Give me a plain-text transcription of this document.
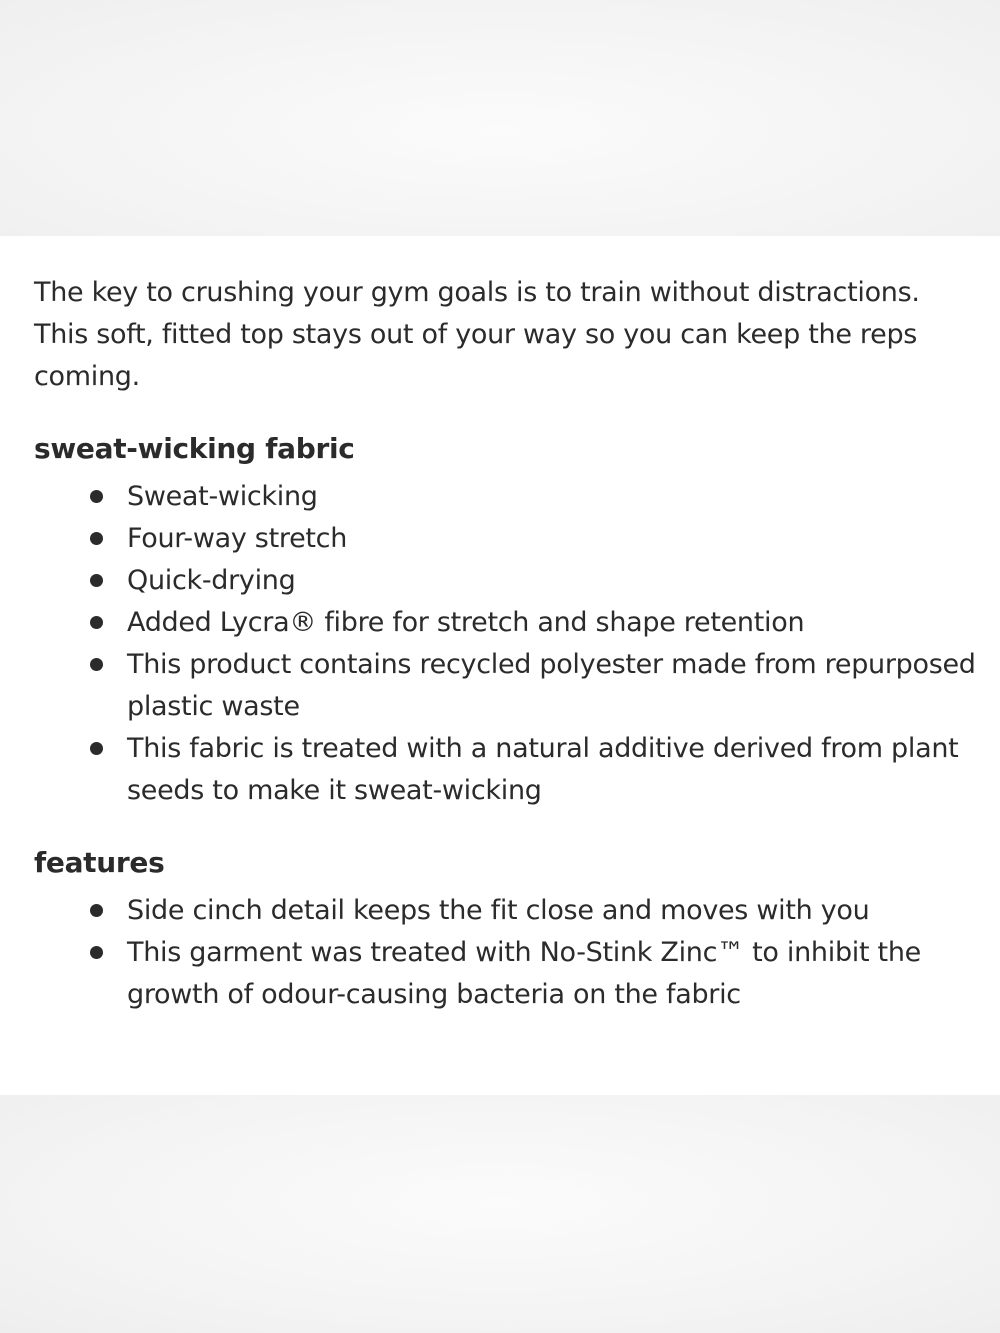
The key to crushing your gym goals is to train without distractions. This soft, fitted top stays out of your way so you can keep the reps coming.

sweat-wicking fabric
Sweat-wicking
Four-way stretch
Quick-drying
Added Lycra® fibre for stretch and shape retention
This product contains recycled polyester made from repurposed plastic waste
This fabric is treated with a natural additive derived from plant seeds to make it sweat-wicking
features
Side cinch detail keeps the fit close and moves with you
This garment was treated with No-Stink Zinc™ to inhibit the growth of odour-causing bacteria on the fabric
